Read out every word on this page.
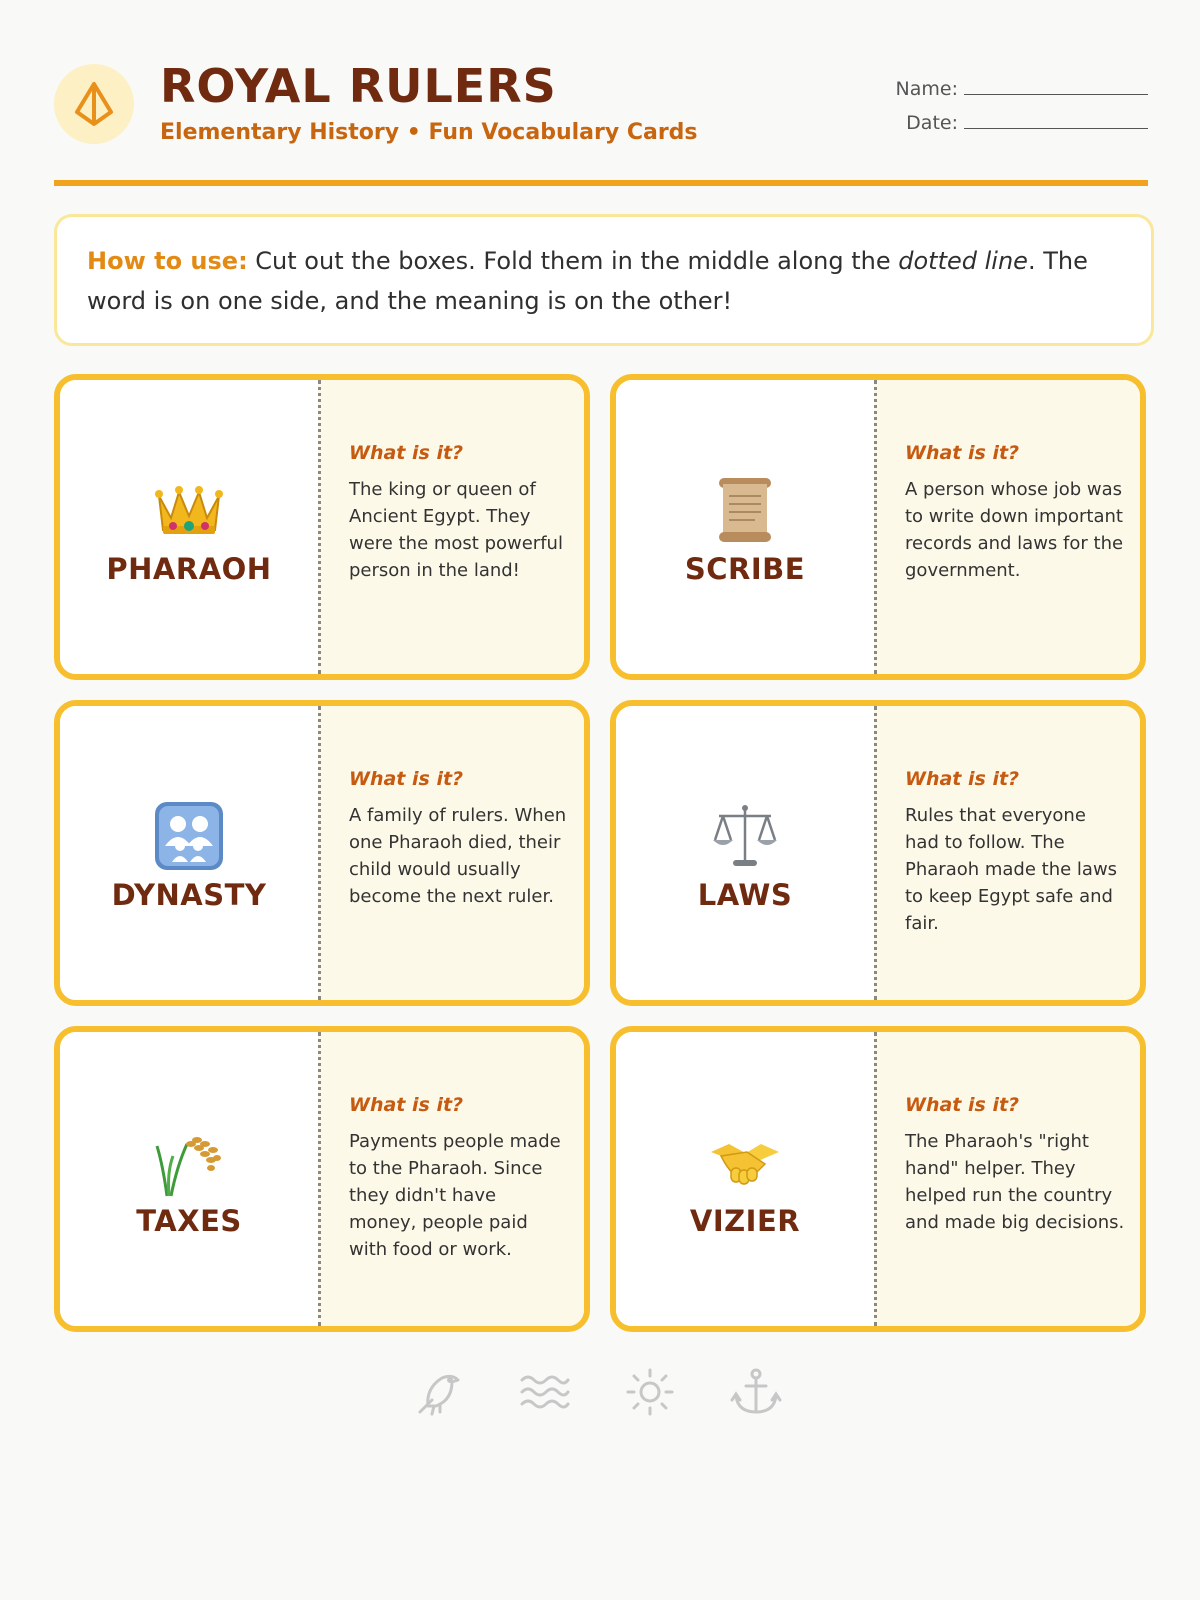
ROYAL RULERS
Elementary History • Fun Vocabulary Cards
Name:
Date:
How to use: Cut out the boxes. Fold them in the middle along the dotted line. The word is on one side, and the meaning is on the other!
PHARAOH
What is it?
The king or queen of Ancient Egypt. They were the most powerful person in the land!	SCRIBE
What is it?
A person whose job was to write down important records and laws for the government.
DYNASTY
What is it?
A family of rulers. When one Pharaoh died, their child would usually become the next ruler.	LAWS
What is it?
Rules that everyone had to follow. The Pharaoh made the laws to keep Egypt safe and fair.
TAXES
What is it?
Payments people made to the Pharaoh. Since they didn't have money, people paid with food or work.
VIZIER
What is it?
The Pharaoh's "right hand" helper. They helped run the country and made big decisions.
